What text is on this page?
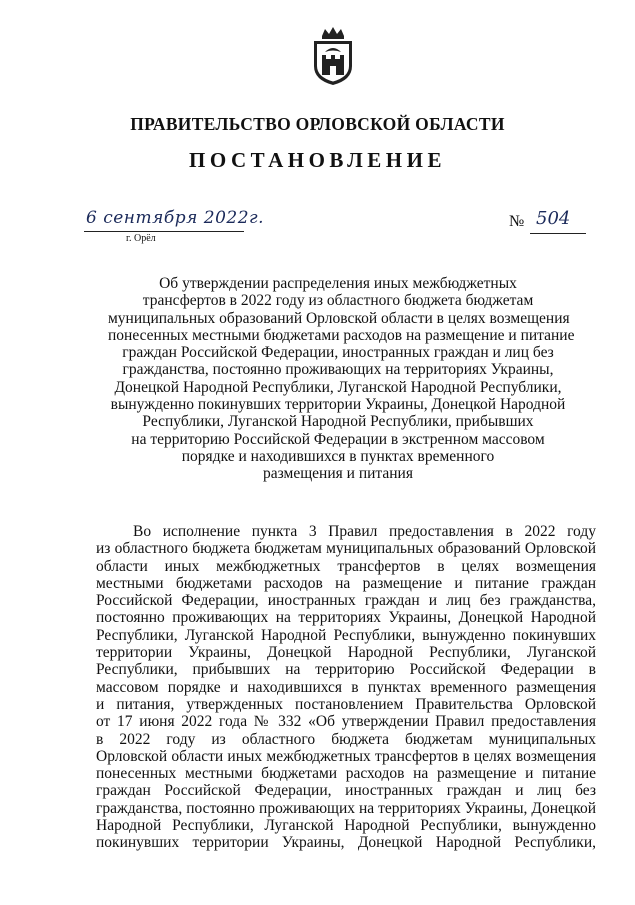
ПРАВИТЕЛЬСТВО ОРЛОВСКОЙ ОБЛАСТИ
ПОСТАНОВЛЕНИЕ
6 сентября 2022г.
г. Орёл
№ 504
Об утверждении распределения иных межбюджетных
трансфертов в 2022 году из областного бюджета бюджетам
муниципальных образований Орловской области в целях возмещения
понесенных местными бюджетами расходов на размещение и питание
граждан Российской Федерации, иностранных граждан и лиц без
гражданства, постоянно проживающих на территориях Украины,
Донецкой Народной Республики, Луганской Народной Республики,
вынужденно покинувших территории Украины, Донецкой Народной
Республики, Луганской Народной Республики, прибывших
на территорию Российской Федерации в экстренном массовом
порядке и находившихся в пунктах временного
размещения и питания
Во исполнение пункта 3 Правил предоставления в 2022 году
из областного бюджета бюджетам муниципальных образований Орловской
области иных межбюджетных трансфертов в целях возмещения
местными бюджетами расходов на размещение и питание граждан
Российской Федерации, иностранных граждан и лиц без гражданства,
постоянно проживающих на территориях Украины, Донецкой Народной
Республики, Луганской Народной Республики, вынужденно покинувших
территории Украины, Донецкой Народной Республики, Луганской
Республики, прибывших на территорию Российской Федерации в
массовом порядке и находившихся в пунктах временного размещения
и питания, утвержденных постановлением Правительства Орловской
от 17 июня 2022 года № 332 «Об утверждении Правил предоставления
в 2022 году из областного бюджета бюджетам муниципальных
Орловской области иных межбюджетных трансфертов в целях возмещения
понесенных местными бюджетами расходов на размещение и питание
граждан Российской Федерации, иностранных граждан и лиц без
гражданства, постоянно проживающих на территориях Украины, Донецкой
Народной Республики, Луганской Народной Республики, вынужденно
покинувших территории Украины, Донецкой Народной Республики,
